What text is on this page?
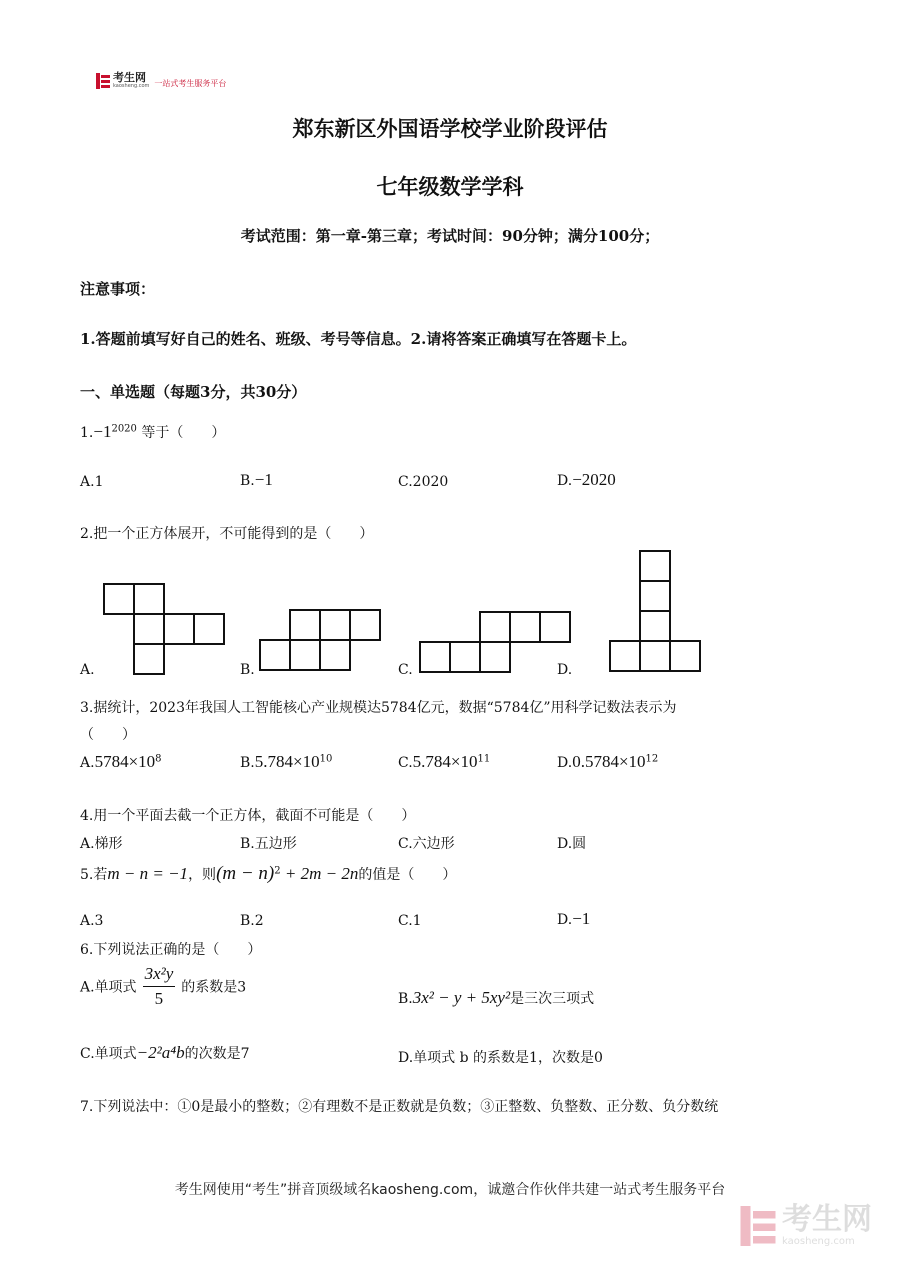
考生网
kaosheng.com 一站式考生服务平台
郑东新区外国语学校学业阶段评估
七年级数学学科
考试范围：第一章-第三章；考试时间：90分钟；满分100分；
注意事项：
1.答题前填写好自己的姓名、班级、考号等信息。2.请将答案正确填写在答题卡上。
一、单选题（每题3分，共30分）
$1.-1^{2020}$ 等于（　　）
A.1	B.−1	C.2020	D.−2020
2.把一个正方体展开，不可能得到的是（　　）
A.	B.	C.	D.
3.据统计，2023年我国人工智能核心产业规模达5784亿元，数据“5784亿”用科学记数法表示为
（　　）
$A.5784\times 10^8$	$B.5.784\times 10^{10}$	$C.5.784\times 10^{11}$	$D.0.5784\times 10^{12}$
4.用一个平面去截一个正方体，截面不可能是（　　）
A.梯形	B.五边形	C.六边形	D.圆
5.若m − n = −1，则$(m - n)^2 + 2m - 2n$的值是（　　）
A.3	B.2	C.1	D.−1
6.下列说法正确的是（　　）
A.单项式 $\frac{\text{3x²y}}{5}$ 的系数是3
B.3x² − y + 5xy²是三次三项式
C.单项式−2²a⁴b的次数是7	D.单项式 b 的系数是1，次数是0
7.下列说法中：①0是最小的整数；②有理数不是正数就是负数；③正整数、负整数、正分数、负分数统
考生网使用“考生”拼音顶级域名kaosheng.com，诚邀合作伙伴共建一站式考生服务平台
考生网
kaosheng.com
